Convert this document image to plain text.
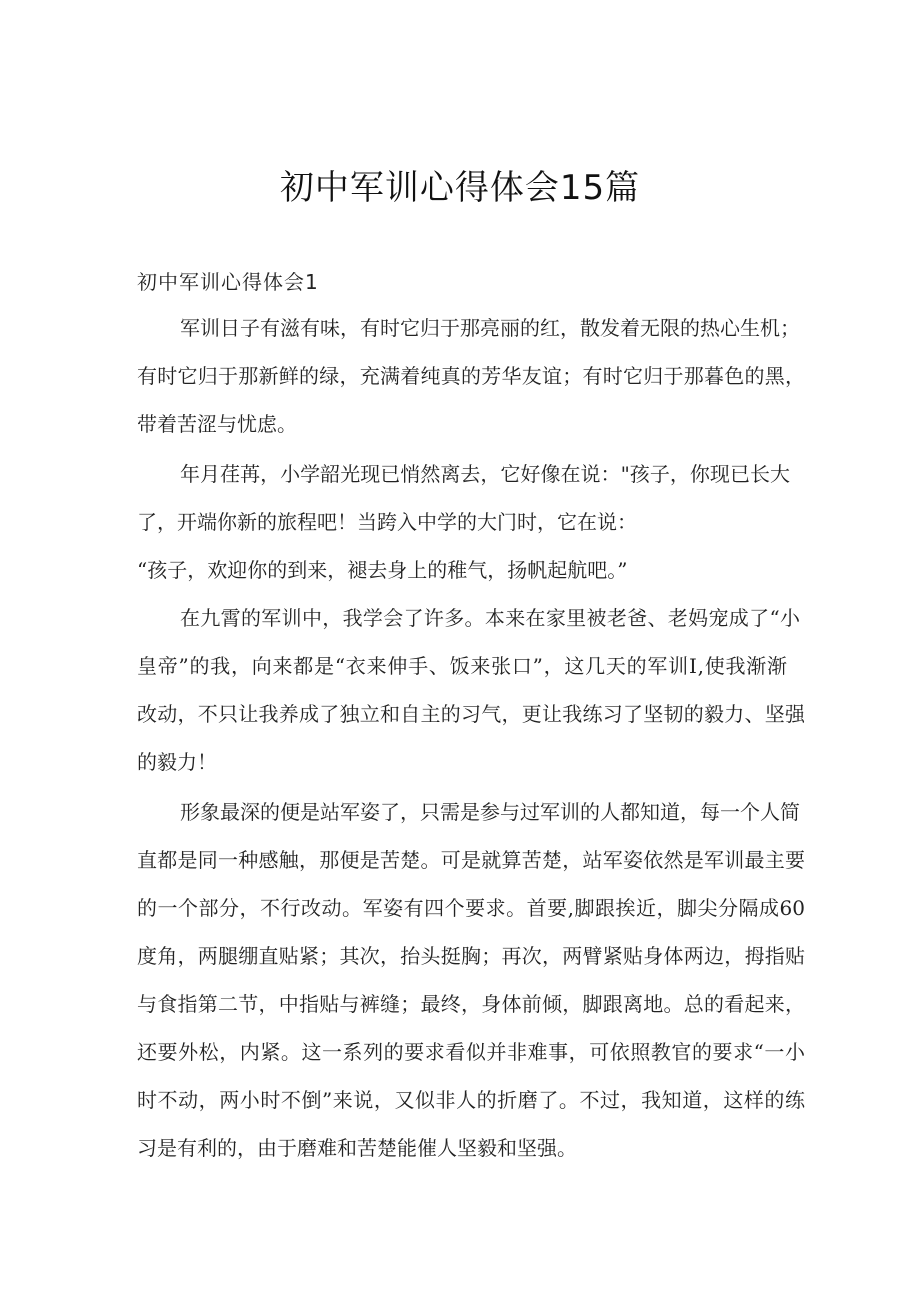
初中军训心得体会15篇
初中军训心得体会1
军训日子有滋有味，有时它归于那亮丽的红，散发着无限的热心生机；
有时它归于那新鲜的绿，充满着纯真的芳华友谊；有时它归于那暮色的黑，
带着苦涩与忧虑。
年月荏苒，小学韶光现已悄然离去，它好像在说："孩子，你现已长大
了，开端你新的旅程吧！当跨入中学的大门时，它在说：
“孩子，欢迎你的到来，褪去身上的稚气，扬帆起航吧。”
在九霄的军训中，我学会了许多。本来在家里被老爸、老妈宠成了“小
皇帝”的我，向来都是“衣来伸手、饭来张口”，这几天的军训Ⅰ,使我渐渐
改动，不只让我养成了独立和自主的习气，更让我练习了坚韧的毅力、坚强
的毅力！
形象最深的便是站军姿了，只需是参与过军训的人都知道，每一个人简
直都是同一种感触，那便是苦楚。可是就算苦楚，站军姿依然是军训最主要
的一个部分，不行改动。军姿有四个要求。首要,脚跟挨近，脚尖分隔成60
度角，两腿绷直贴紧；其次，抬头挺胸；再次，两臂紧贴身体两边，拇指贴
与食指第二节，中指贴与裤缝；最终，身体前倾，脚跟离地。总的看起来，
还要外松，内紧。这一系列的要求看似并非难事，可依照教官的要求“一小
时不动，两小时不倒”来说，又似非人的折磨了。不过，我知道，这样的练
习是有利的，由于磨难和苦楚能催人坚毅和坚强。
